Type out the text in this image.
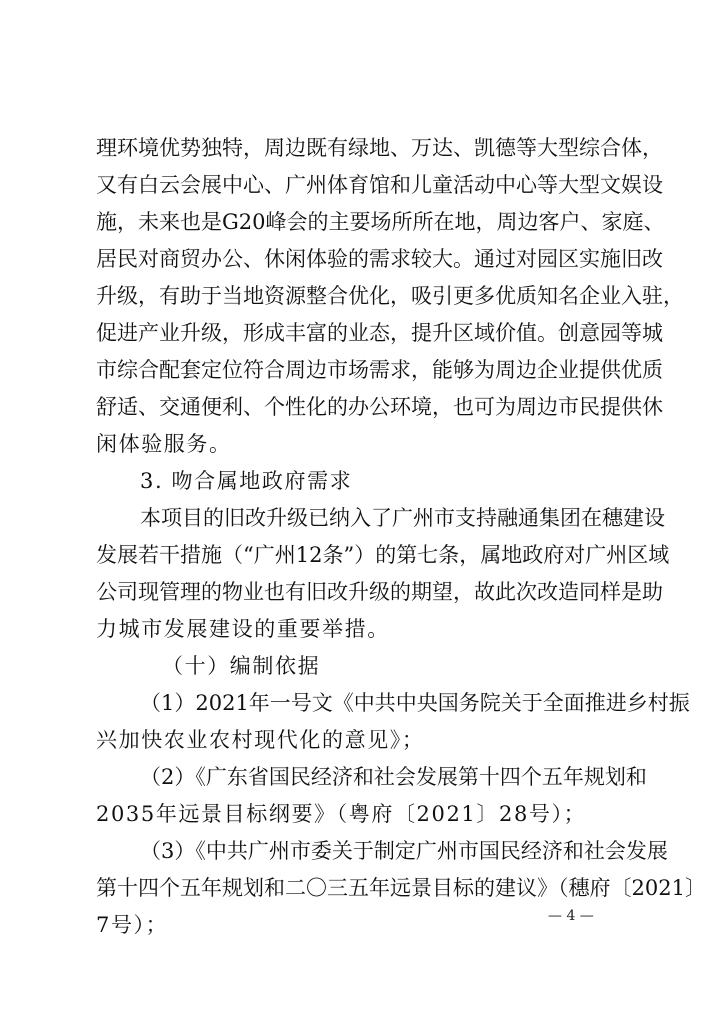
理环境优势独特，周边既有绿地、万达、凯德等大型综合体，
又有白云会展中心、广州体育馆和儿童活动中心等大型文娱设
施，未来也是G20峰会的主要场所所在地，周边客户、家庭、
居民对商贸办公、休闲体验的需求较大。通过对园区实施旧改
升级，有助于当地资源整合优化，吸引更多优质知名企业入驻，
促进产业升级，形成丰富的业态，提升区域价值。创意园等城
市综合配套定位符合周边市场需求，能够为周边企业提供优质
舒适、交通便利、个性化的办公环境，也可为周边市民提供休
闲体验服务。
3. 吻合属地政府需求
本项目的旧改升级已纳入了广州市支持融通集团在穗建设
发展若干措施（“广州12条”）的第七条，属地政府对广州区域
公司现管理的物业也有旧改升级的期望，故此次改造同样是助
力城市发展建设的重要举措。
（十）编制依据
（1）2021年一号文《中共中央国务院关于全面推进乡村振
兴加快农业农村现代化的意见》；
（2）《广东省国民经济和社会发展第十四个五年规划和
2035年远景目标纲要》（粤府〔2021〕28号）；
（3）《中共广州市委关于制定广州市国民经济和社会发展
第十四个五年规划和二〇三五年远景目标的建议》（穗府〔2021〕
7号）；	— 4 —
